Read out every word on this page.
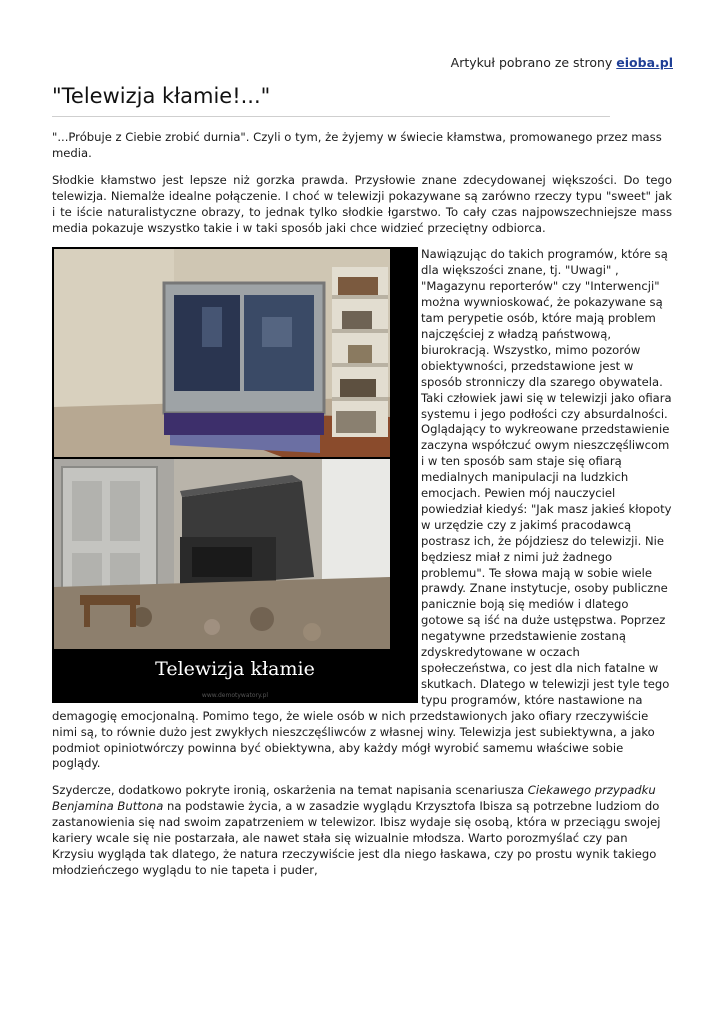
Artykuł pobrano ze strony eioba.pl
"Telewizja kłamie!..."

"...Próbuje z Ciebie zrobić durnia". Czyli o tym, że żyjemy w świecie kłamstwa, promowanego przez mass media.

Słodkie kłamstwo jest lepsze niż gorzka prawda. Przysłowie znane zdecydowanej większości. Do tego telewizja. Niemalże idealne połączenie. I choć w telewizji pokazywane są zarówno rzeczy typu "sweet" jak i te iście naturalistyczne obrazy, to jednak tylko słodkie łgarstwo. To cały czas najpowszechniejsze mass media pokazuje wszystko takie i w taki sposób jaki chce widzieć przeciętny odbiorca.

Telewizja kłamie
www.demotywatory.pl

Nawiązując do takich programów, które są dla większości znane, tj. "Uwagi" , "Magazynu reporterów" czy "Interwencji" można wywnioskować, że pokazywane są tam perypetie osób, które mają problem najczęściej z władzą państwową, biurokracją. Wszystko, mimo pozorów obiektywności, przedstawione jest w sposób stronniczy dla szarego obywatela. Taki człowiek jawi się w telewizji jako ofiara systemu i jego podłości czy absurdalności. Oglądający to wykreowane przedstawienie zaczyna współczuć owym nieszczęśliwcom i w ten sposób sam staje się ofiarą medialnych manipulacji na ludzkich emocjach. Pewien mój nauczyciel powiedział kiedyś: "Jak masz jakieś kłopoty w urzędzie czy z jakimś pracodawcą postrasz ich, że pójdziesz do telewizji. Nie będziesz miał z nimi już żadnego problemu". Te słowa mają w sobie wiele prawdy. Znane instytucje, osoby publiczne panicznie boją się mediów i dlatego gotowe są iść na duże ustępstwa. Poprzez negatywne przedstawienie zostaną zdyskredytowane w oczach społeczeństwa, co jest dla nich fatalne w skutkach. Dlatego w telewizji jest tyle tego typu programów, które nastawione na demagogię emocjonalną. Pomimo tego, że wiele osób w nich przedstawionych jako ofiary rzeczywiście nimi są, to równie dużo jest zwykłych nieszczęśliwców z własnej winy. Telewizja jest subiektywna, a jako podmiot opiniotwórczy powinna być obiektywna, aby każdy mógł wyrobić samemu właściwe sobie poglądy.

Szydercze, dodatkowo pokryte ironią, oskarżenia na temat napisania scenariusza Ciekawego przypadku Benjamina Buttona na podstawie życia, a w zasadzie wyglądu Krzysztofa Ibisza są potrzebne ludziom do zastanowienia się nad swoim zapatrzeniem w telewizor. Ibisz wydaje się osobą, która w przeciągu swojej kariery wcale się nie postarzała, ale nawet stała się wizualnie młodsza. Warto porozmyślać czy pan Krzysiu wygląda tak dlatego, że natura rzeczywiście jest dla niego łaskawa, czy po prostu wynik takiego młodzieńczego wyglądu to nie tapeta i puder,
